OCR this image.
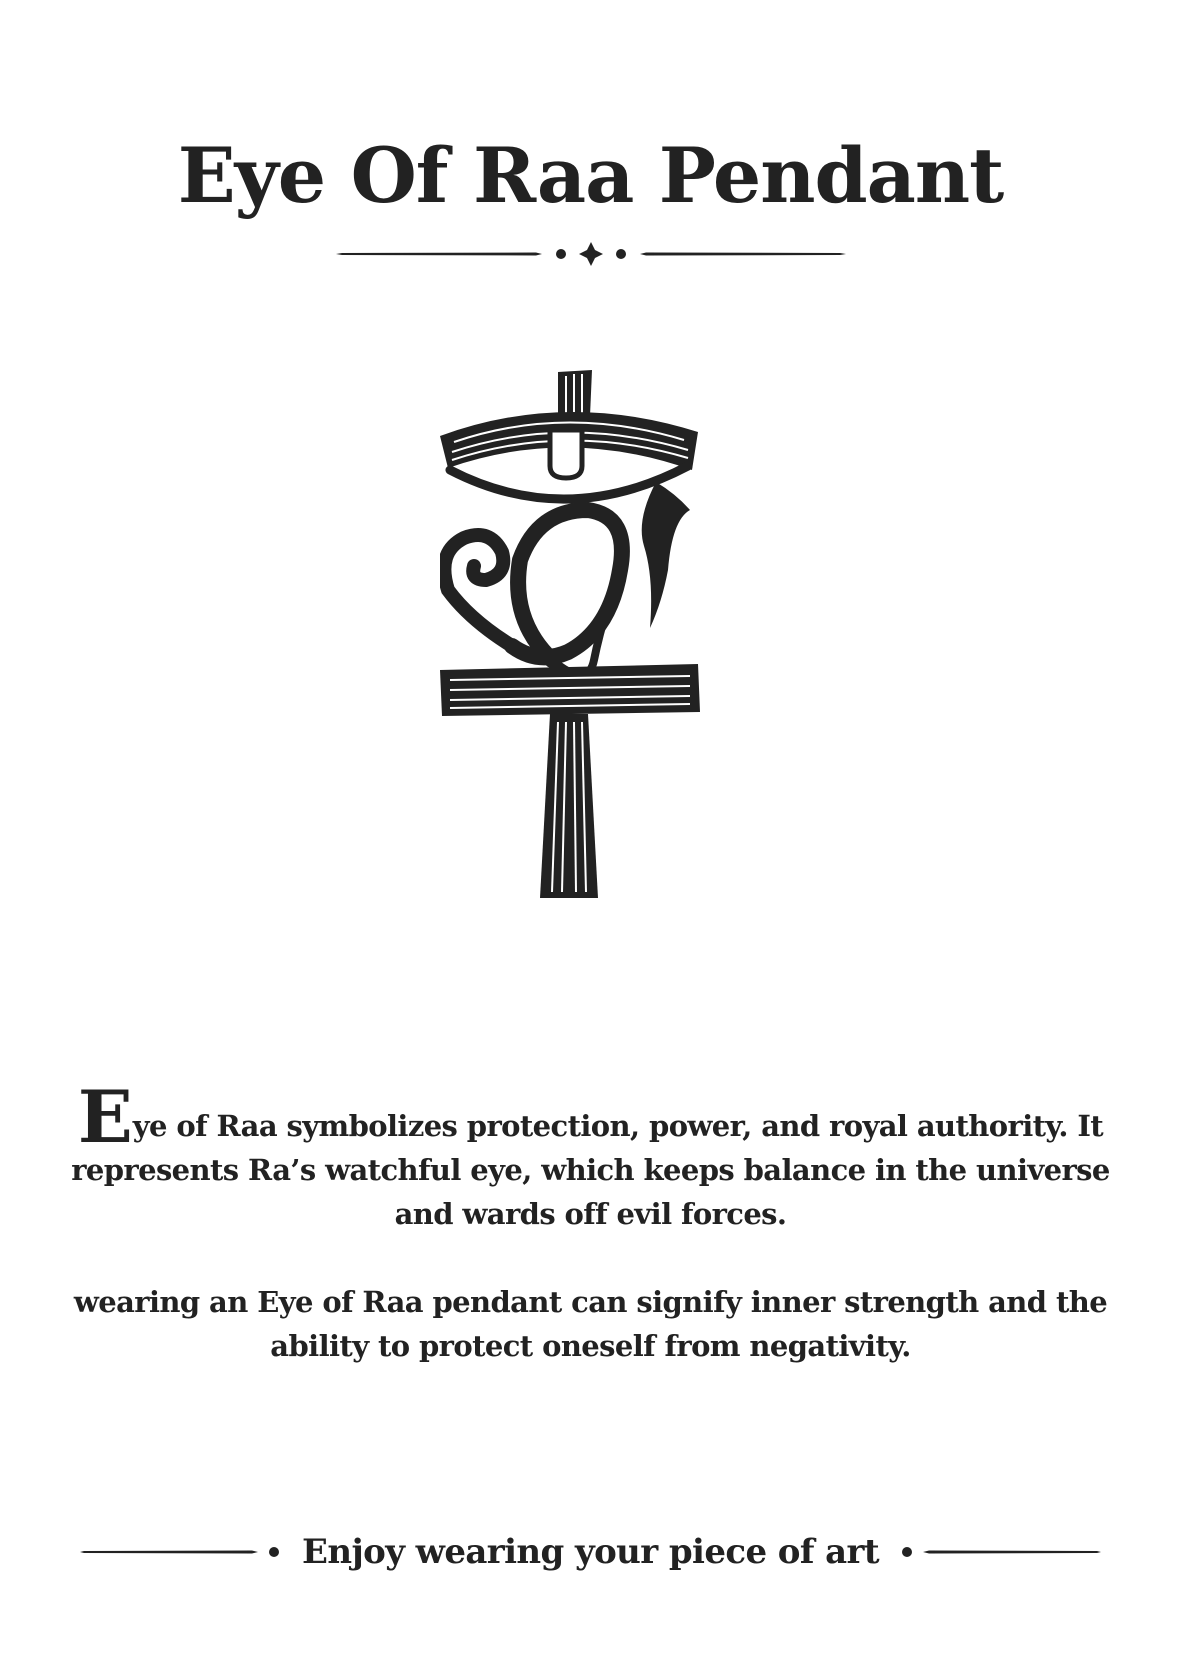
Eye Of Raa Pendant

Eye of Raa symbolizes protection, power, and royal authority. It represents Ra’s watchful eye, which keeps balance in the universe and wards off evil forces.

wearing an Eye of Raa pendant can signify inner strength and the ability to protect oneself from negativity.

Enjoy wearing your piece of art
